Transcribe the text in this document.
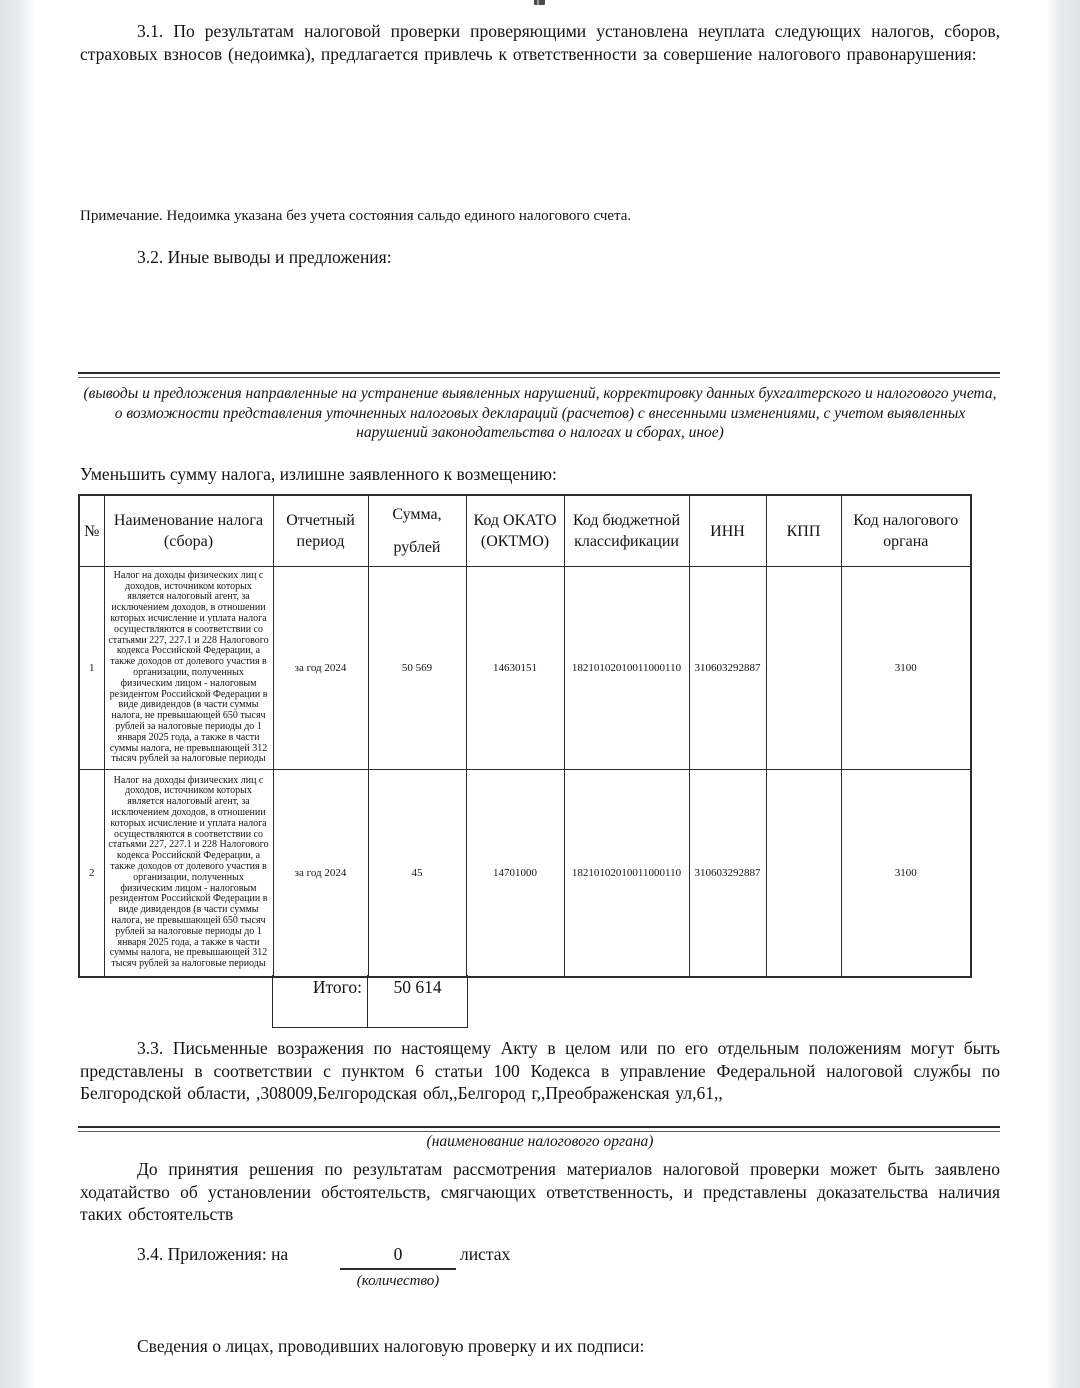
3.1. По результатам налоговой проверки проверяющими установлена неуплата следующих налогов, сборов, страховых взносов (недоимка), предлагается привлечь к ответственности за совершение налогового правонарушения:

Примечание. Недоимка указана без учета состояния сальдо единого налогового счета.

3.2. Иные выводы и предложения:

(выводы и предложения направленные на устранение выявленных нарушений, корректировку данных бухгалтерского и налогового учета, о возможности представления уточненных налоговых деклараций (расчетов) с внесенными изменениями, с учетом выявленных нарушений законодательства о налогах и сборах, иное)

Уменьшить сумму налога, излишне заявленного к возмещению:

№	Наименование налога (сбора)	Отчетный период	Сумма, рублей	Код ОКАТО (ОКТМО)	Код бюджетной классификации	ИНН	КПП	Код налогового органа
1	Налог на доходы физических лиц с доходов, источником которых является налоговый агент, за исключением доходов, в отношении которых исчисление и уплата налога осуществляются в соответствии со статьями 227, 227.1 и 228 Налогового кодекса Российской Федерации, а также доходов от долевого участия в организации, полученных физическим лицом - налоговым резидентом Российской Федерации в виде дивидендов (в части суммы налога, не превышающей 650 тысяч рублей за налоговые периоды до 1 января 2025 года, а также в части суммы налога, не превышающей 312 тысяч рублей за налоговые периоды	за год 2024	50 569	14630151	18210102010011000110	310603292887		3100
2	Налог на доходы физических лиц с доходов, источником которых является налоговый агент, за исключением доходов, в отношении которых исчисление и уплата налога осуществляются в соответствии со статьями 227, 227.1 и 228 Налогового кодекса Российской Федерации, а также доходов от долевого участия в организации, полученных физическим лицом - налоговым резидентом Российской Федерации в виде дивидендов (в части суммы налога, не превышающей 650 тысяч рублей за налоговые периоды до 1 января 2025 года, а также в части суммы налога, не превышающей 312 тысяч рублей за налоговые периоды	за год 2024	45	14701000	18210102010011000110	310603292887		3100
Итого:	50 614

3.3. Письменные возражения по настоящему Акту в целом или по его отдельным положениям могут быть представлены в соответствии с пунктом 6 статьи 100 Кодекса в управление Федеральной налоговой службы по Белгородской области, ,308009,Белгородская обл,,Белгород г,,Преображенская ул,61,,

(наименование налогового органа)

До принятия решения по результатам рассмотрения материалов налоговой проверки может быть заявлено ходатайство об установлении обстоятельств, смягчающих ответственность, и представлены доказательства наличия таких обстоятельств

3.4. Приложения: на	0	листах
(количество)

Сведения о лицах, проводивших налоговую проверку и их подписи:
